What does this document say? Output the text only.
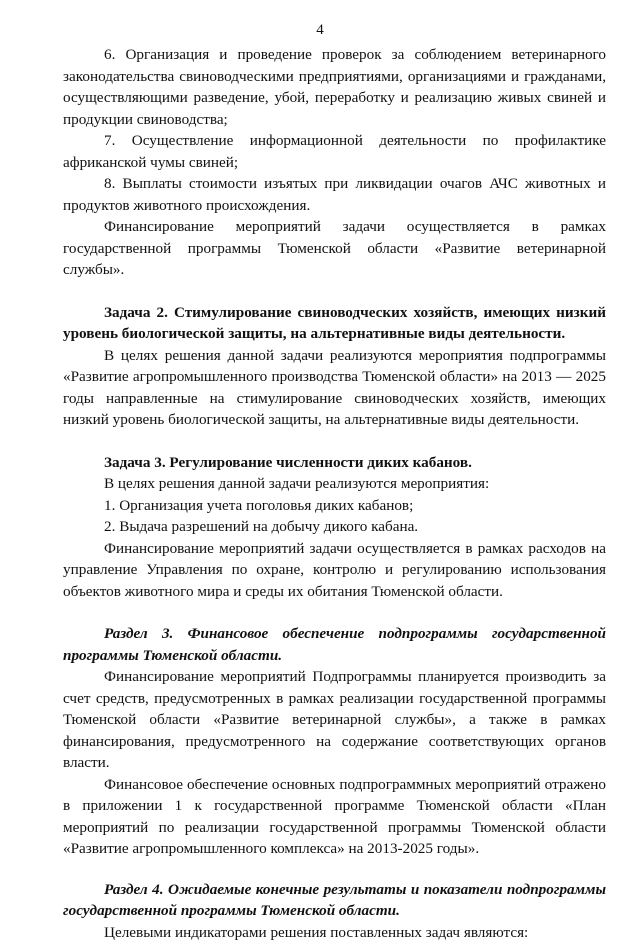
4

6. Организация и проведение проверок за соблюдением ветеринарного законодательства свиноводческими предприятиями, организациями и гражданами, осуществляющими разведение, убой, переработку и реализацию живых свиней и продукции свиноводства;

7. Осуществление информационной деятельности по профилактике африканской чумы свиней;

8. Выплаты стоимости изъятых при ликвидации очагов АЧС животных и продуктов животного происхождения.

Финансирование мероприятий задачи осуществляется в рамках государственной программы Тюменской области «Развитие ветеринарной службы».

Задача 2. Стимулирование свиноводческих хозяйств, имеющих низкий уровень биологической защиты, на альтернативные виды деятельности.

В целях решения данной задачи реализуются мероприятия подпрограммы «Развитие агропромышленного производства Тюменской области» на 2013 — 2025 годы направленные на стимулирование свиноводческих хозяйств, имеющих низкий уровень биологической защиты, на альтернативные виды деятельности.

Задача 3. Регулирование численности диких кабанов.

В целях решения данной задачи реализуются мероприятия:

1. Организация учета поголовья диких кабанов;

2. Выдача разрешений на добычу дикого кабана.

Финансирование мероприятий задачи осуществляется в рамках расходов на управление Управления по охране, контролю и регулированию использования объектов животного мира и среды их обитания Тюменской области.

Раздел 3. Финансовое обеспечение подпрограммы государственной программы Тюменской области.

Финансирование мероприятий Подпрограммы планируется производить за счет средств, предусмотренных в рамках реализации государственной программы Тюменской области «Развитие ветеринарной службы», а также в рамках финансирования, предусмотренного на содержание соответствующих органов власти.

Финансовое обеспечение основных подпрограммных мероприятий отражено в приложении 1 к государственной программе Тюменской области «План мероприятий по реализации государственной программы Тюменской области «Развитие агропромышленного комплекса» на 2013-2025 годы».

Раздел 4. Ожидаемые конечные результаты и показатели подпрограммы государственной программы Тюменской области.

Целевыми индикаторами решения поставленных задач являются:
